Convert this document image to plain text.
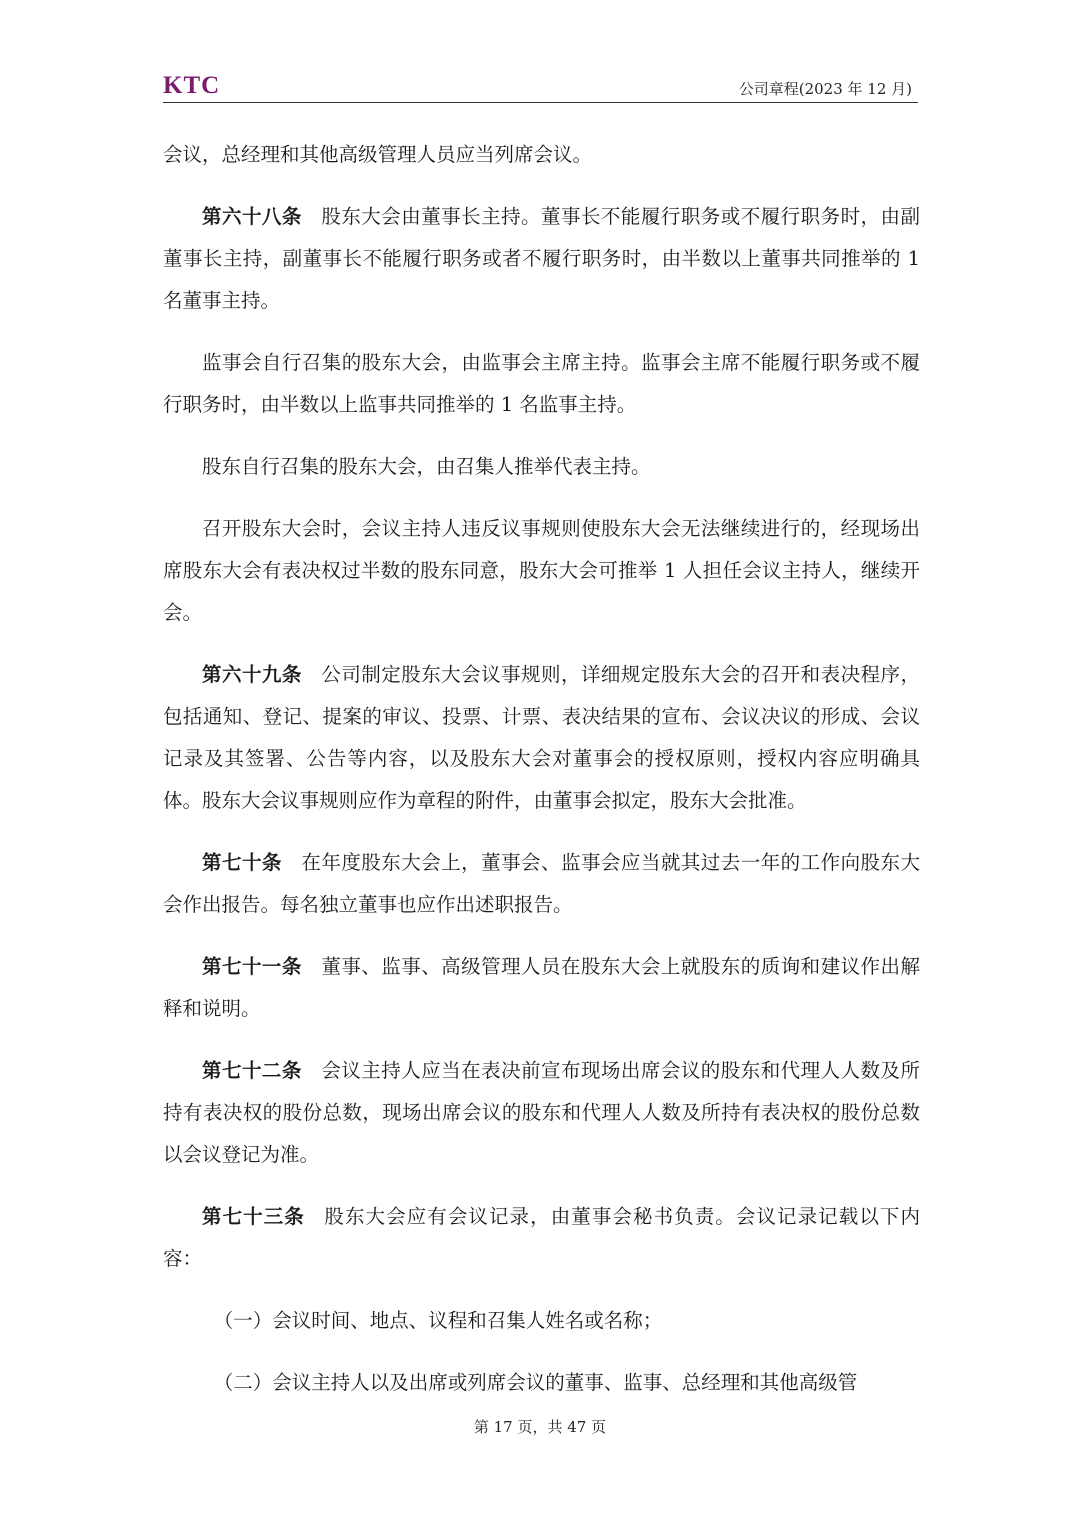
KTC	公司章程(2023 年 12 月)

会议，总经理和其他高级管理人员应当列席会议。

第六十八条 股东大会由董事长主持。董事长不能履行职务或不履行职务时，由副董事长主持，副董事长不能履行职务或者不履行职务时，由半数以上董事共同推举的 1 名董事主持。

监事会自行召集的股东大会，由监事会主席主持。监事会主席不能履行职务或不履行职务时，由半数以上监事共同推举的 1 名监事主持。

股东自行召集的股东大会，由召集人推举代表主持。

召开股东大会时，会议主持人违反议事规则使股东大会无法继续进行的，经现场出席股东大会有表决权过半数的股东同意，股东大会可推举 1 人担任会议主持人，继续开会。

第六十九条 公司制定股东大会议事规则，详细规定股东大会的召开和表决程序，包括通知、登记、提案的审议、投票、计票、表决结果的宣布、会议决议的形成、会议记录及其签署、公告等内容，以及股东大会对董事会的授权原则，授权内容应明确具体。股东大会议事规则应作为章程的附件，由董事会拟定，股东大会批准。

第七十条 在年度股东大会上，董事会、监事会应当就其过去一年的工作向股东大会作出报告。每名独立董事也应作出述职报告。

第七十一条 董事、监事、高级管理人员在股东大会上就股东的质询和建议作出解释和说明。

第七十二条 会议主持人应当在表决前宣布现场出席会议的股东和代理人人数及所持有表决权的股份总数，现场出席会议的股东和代理人人数及所持有表决权的股份总数以会议登记为准。

第七十三条 股东大会应有会议记录，由董事会秘书负责。会议记录记载以下内容：

（一）会议时间、地点、议程和召集人姓名或名称；

（二）会议主持人以及出席或列席会议的董事、监事、总经理和其他高级管

第 17 页，共 47 页
